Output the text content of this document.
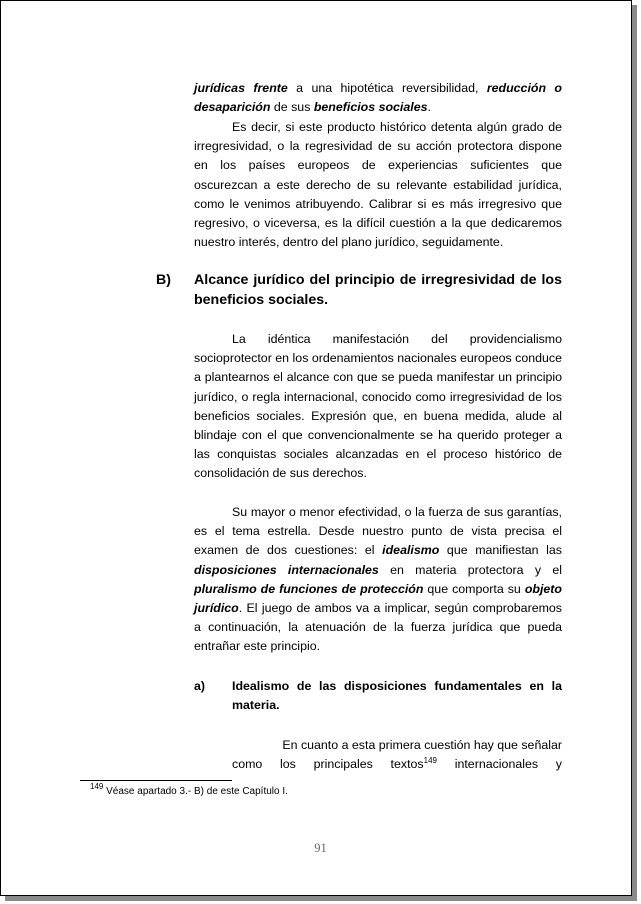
jurídicas frente a una hipotética reversibilidad, reducción o desaparición de sus beneficios sociales.

Es decir, si este producto histórico detenta algún grado de irregresividad, o la regresividad de su acción protectora dispone en los países europeos de experiencias suficientes que oscurezcan a este derecho de su relevante estabilidad jurídica, como le venimos atribuyendo. Calibrar si es más irregresivo que regresivo, o viceversa, es la difícil cuestión a la que dedicaremos nuestro interés, dentro del plano jurídico, seguidamente.

B) Alcance jurídico del principio de irregresividad de los beneficios sociales.

La idéntica manifestación del providencialismo socioprotector en los ordenamientos nacionales europeos conduce a plantearnos el alcance con que se pueda manifestar un principio jurídico, o regla internacional, conocido como irregresividad de los beneficios sociales. Expresión que, en buena medida, alude al blindaje con el que convencionalmente se ha querido proteger a las conquistas sociales alcanzadas en el proceso histórico de consolidación de sus derechos.

Su mayor o menor efectividad, o la fuerza de sus garantías, es el tema estrella. Desde nuestro punto de vista precisa el examen de dos cuestiones: el idealismo que manifiestan las disposiciones internacionales en materia protectora y el pluralismo de funciones de protección que comporta su objeto jurídico. El juego de ambos va a implicar, según comprobaremos a continuación, la atenuación de la fuerza jurídica que pueda entrañar este principio.

a) Idealismo de las disposiciones fundamentales en la materia.
En cuanto a esta primera cuestión hay que señalar
como los principales textos$^{149}$ internacionales y
$^{149}$ Véase apartado 3.- B) de este Capítulo I.
91
